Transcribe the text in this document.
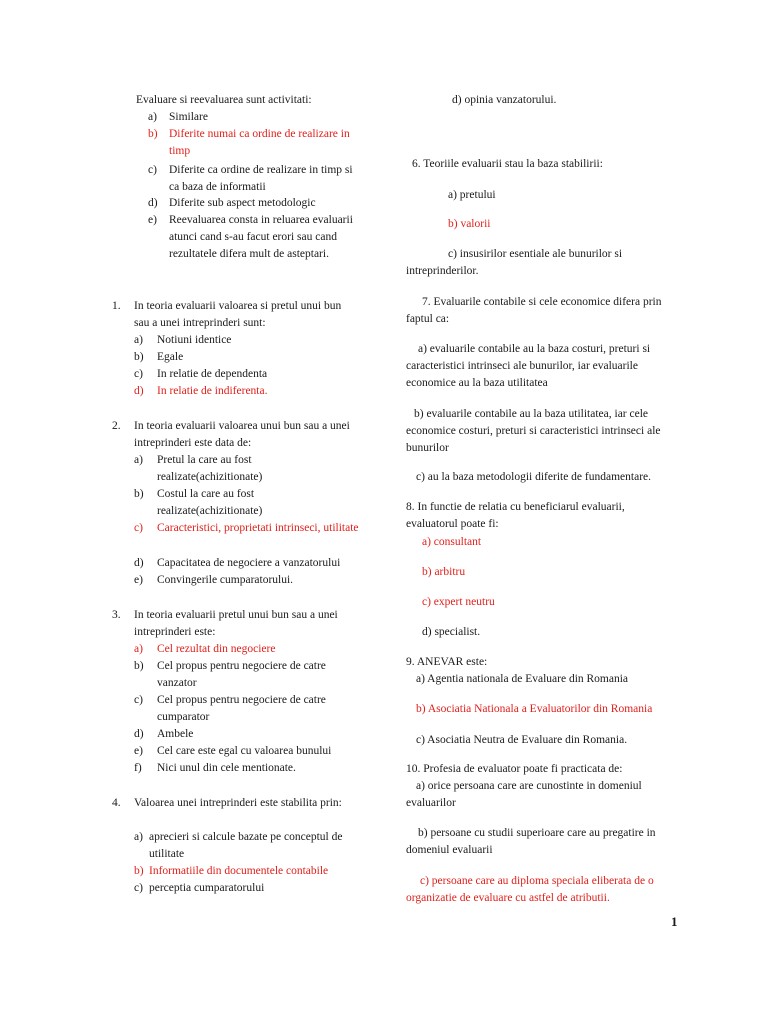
Evaluare si reevaluarea sunt activitati:
a) Similare
b) Diferite numai ca ordine de realizare in timp
c) Diferite ca ordine de realizare in timp si ca baza de informatii
d) Diferite sub aspect metodologic
e) Reevaluarea consta in reluarea evaluarii atunci cand s-au facut erori sau cand rezultatele difera mult de asteptari.
1. In teoria evaluarii valoarea si pretul unui bun sau a unei intreprinderi sunt:
a) Notiuni identice
b) Egale
c) In relatie de dependenta
d) In relatie de indiferenta.
2. In teoria evaluarii valoarea unui bun sau a unei intreprinderi este data de:
a) Pretul la care au fost realizate(achizitionate)
b) Costul la care au fost realizate(achizitionate)
c) Caracteristici, proprietati intrinseci, utilitate
d) Capacitatea de negociere a vanzatorului
e) Convingerile cumparatorului.
3. In teoria evaluarii pretul unui bun sau a unei intreprinderi este:
a) Cel rezultat din negociere
b) Cel propus pentru negociere de catre vanzator
c) Cel propus pentru negociere de catre cumparator
d) Ambele
e) Cel care este egal cu valoarea bunului
f) Nici unul din cele mentionate.
4. Valoarea unei intreprinderi este stabilita prin:
a) aprecieri si calcule bazate pe conceptul de utilitate
b) Informatiile din documentele contabile
c) perceptia cumparatorului
d) opinia vanzatorului.
6. Teoriile evaluarii stau la baza stabilirii:
a) pretului
b) valorii
c) insusirilor esentiale ale bunurilor si intreprinderilor.
7. Evaluarile contabile si cele economice difera prin faptul ca:
a) evaluarile contabile au la baza costuri, preturi si caracteristici intrinseci ale bunurilor, iar evaluarile economice au la baza utilitatea
b) evaluarile contabile au la baza utilitatea, iar cele economice costuri, preturi si caracteristici intrinseci ale bunurilor
c) au la baza metodologii diferite de fundamentare.
8. In functie de relatia cu beneficiarul evaluarii, evaluatorul poate fi:
a) consultant
b) arbitru
c) expert neutru
d) specialist.
9. ANEVAR este:
a) Agentia nationala de Evaluare din Romania
b) Asociatia Nationala a Evaluatorilor din Romania
c) Asociatia Neutra de Evaluare din Romania.
10. Profesia de evaluator poate fi practicata de:
a) orice persoana care are cunostinte in domeniul evaluarilor
b) persoane cu studii superioare care au pregatire in domeniul evaluarii
c) persoane care au diploma speciala eliberata de o organizatie de evaluare cu astfel de atributii.
1
